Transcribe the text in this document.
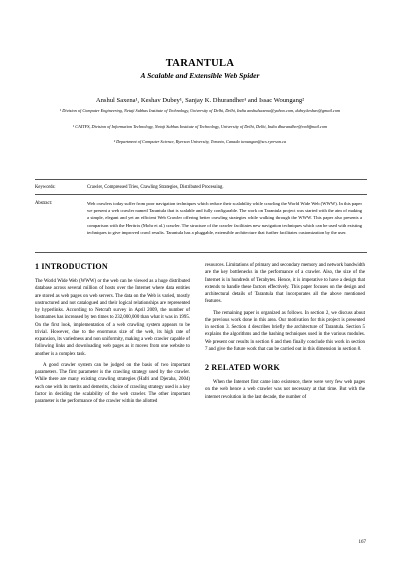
TARANTULA
A Scalable and Extensible Web Spider
Anshul Saxena¹, Keshav Dubey¹, Sanjay K. Dhurandher¹ and Issac Woungang²
¹ Division of Computer Engineering, Netaji Subhas Institute of Technology, University of Delhi, Delhi, India anshulsaxena@yahoo.com, dubey.keshav@gmail.com
¹ CAITFS, Division of Information Technology, Netaji Subhas Institute of Technology, University of Delhi, Delhi, India dhurandher@rediffmail.com
² Department of Computer Science, Ryerson University, Toronto, Canada iwoungan@scs.ryerson.ca
Keywords:	Crawler, Compressed Tries, Crawling Strategies, Distributed Processing.
Abstract:	Web crawlers today suffer from poor navigation techniques which reduce their scalability while crawling the World Wide Web (WWW). In this paper we present a web crawler named Tarantula that is scalable and fully configurable. The work on Tarantula project was started with the aim of making a simple, elegant and yet an efficient Web Crawler offering better crawling strategies while walking through the WWW. This paper also presents a comparison with the Heritrix (Mohr et al.) crawler. The structure of the crawler facilitates new navigation techniques which can be used with existing techniques to give improved crawl results. Tarantula has a pluggable, extensible architecture that further facilitates customization by the user.
1 INTRODUCTION

The World Wide Web (WWW) or the web can be viewed as a huge distributed database across several million of hosts over the Internet where data entities are stored as web pages on web servers. The data on the Web is varied, mostly unstructured and not catalogued and their logical relationships are represented by hyperlinks. According to Netcraft survey in April 2009, the number of hostnames has increased by ten times to 232,000,000 than what it was in 1995. On the first look, implementation of a web crawling system appears to be trivial. However, due to the enormous size of the web, its high rate of expansion, its variedness and non uniformity, making a web crawler capable of following links and downloading web pages as it moves from one website to another is a complex task.

A good crawler system can be judged on the basis of two important parameters. The first parameter is the crawling strategy used by the crawler. While there are many existing crawling strategies (Hafri and Djeraba, 2004) each one with its merits and demerits, choice of crawling strategy used is a key factor in deciding the scalability of the web crawler. The other important parameter is the performance of the crawler within the allotted

resources. Limitations of primary and secondary memory and network bandwidth are the key bottlenecks in the performance of a crawler. Also, the size of the Internet is in hundreds of Terabytes. Hence, it is imperative to have a design that extends to handle these factors effectively. This paper focuses on the design and architectural details of Tarantula that incorporates all the above mentioned features.

The remaining paper is organized as follows. In section 2, we discuss about the previous work done in this area. Our motivation for this project is presented in section 3. Section 4 describes briefly the architecture of Tarantula. Section 5 explains the algorithms and the hashing techniques used in the various modules. We present our results in section 6 and then finally conclude this work in section 7 and give the future work that can be carried out in this dimension in section 8.

2 RELATED WORK

When the Internet first came into existence, there were very few web pages on the web hence a web crawler was not necessary at that time. But with the internet revolution in the last decade, the number of

167
